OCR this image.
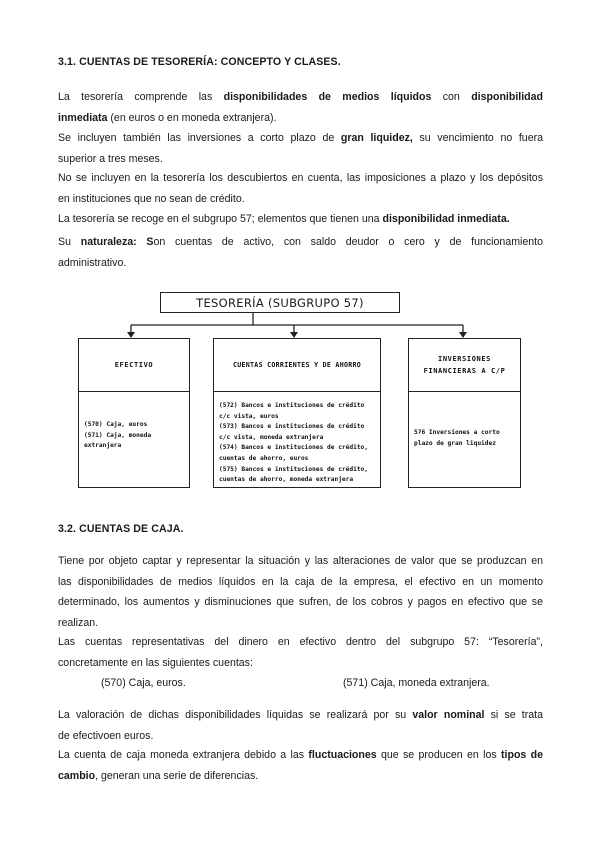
3.1. CUENTAS DE TESORERÍA: CONCEPTO Y CLASES.

La tesorería comprende las disponibilidades de medios líquidos con disponibilidad
inmediata (en euros o en moneda extranjera).

Se incluyen también las inversiones a corto plazo de gran liquidez, su vencimiento no fuera
superior a tres meses.

No se incluyen en la tesorería los descubiertos en cuenta, las imposiciones a plazo y los depósitos
en instituciones que no sean de crédito.

La tesorería se recoge en el subgrupo 57; elementos que tienen una disponibilidad inmediata.

Su naturaleza: Son cuentas de activo, con saldo deudor o cero y de funcionamiento
administrativo.

TESORERÍA (SUBGRUPO 57)
EFECTIVO
(570) Caja, euros
(571) Caja, moneda
extranjera
CUENTAS CORRIENTES Y DE AHORRO
(572) Bancos e instituciones de crédito
c/c vista, euros
(573) Bancos e instituciones de crédito
c/c vista, moneda extranjera
(574) Bancos e instituciones de crédito,
cuentas de ahorro, euros
(575) Bancos e instituciones de crédito,
cuentas de ahorro, moneda extranjera
INVERSIONES
FINANCIERAS A C/P
576 Inversiones a corto
plazo de gran liquidez
3.2. CUENTAS DE CAJA.

Tiene por objeto captar y representar la situación y las alteraciones de valor que se produzcan en
las disponibilidades de medios líquidos en la caja de la empresa, el efectivo en un momento
determinado, los aumentos y disminuciones que sufren, de los cobros y pagos en efectivo que se
realizan.

Las cuentas representativas del dinero en efectivo dentro del subgrupo 57: “Tesorería”,
concretamente en las siguientes cuentas:

(570) Caja, euros.	(571) Caja, moneda extranjera.

La valoración de dichas disponibilidades líquidas se realizará por su valor nominal si se trata
de efectivoen euros.

La cuenta de caja moneda extranjera debido a las fluctuaciones que se producen en los tipos de
cambio, generan una serie de diferencias.
